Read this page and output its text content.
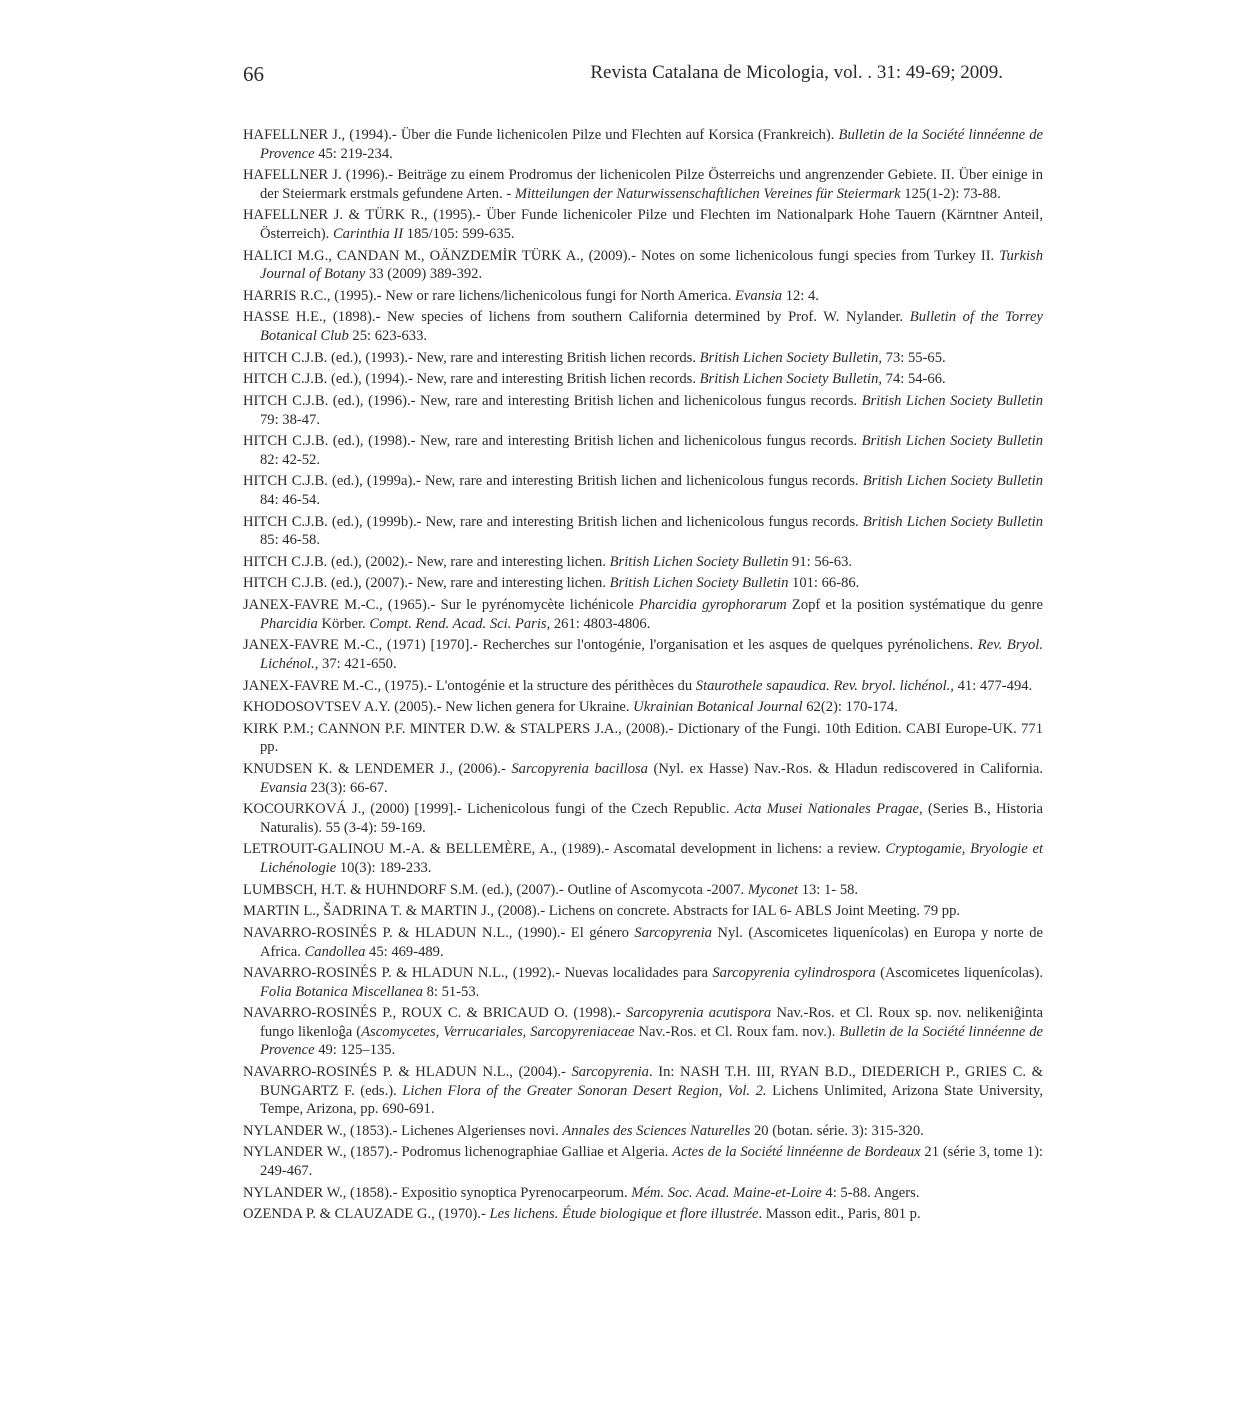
66	Revista Catalana de Micologia, vol. . 31: 49-69; 2009.

HAFELLNER J., (1994).- Über die Funde lichenicolen Pilze und Flechten auf Korsica (Frankreich). Bulletin de la Société linnéenne de Provence 45: 219-234.

HAFELLNER J. (1996).- Beiträge zu einem Prodromus der lichenicolen Pilze Österreichs und angrenzender Gebiete. II. Über einige in der Steiermark erstmals gefundene Arten. - Mitteilungen der Naturwissenschaftlichen Vereines für Steiermark 125(1-2): 73-88.

HAFELLNER J. & TÜRK R., (1995).- Über Funde lichenicoler Pilze und Flechten im Nationalpark Hohe Tauern (Kärntner Anteil, Österreich). Carinthia II 185/105: 599-635.

HALICI M.G., CANDAN M., OÄNZDEMİR TÜRK A., (2009).- Notes on some lichenicolous fungi species from Turkey II. Turkish Journal of Botany 33 (2009) 389-392.

HARRIS R.C., (1995).- New or rare lichens/lichenicolous fungi for North America. Evansia 12: 4.

HASSE H.E., (1898).- New species of lichens from southern California determined by Prof. W. Nylander. Bulletin of the Torrey Botanical Club 25: 623-633.

HITCH C.J.B. (ed.), (1993).- New, rare and interesting British lichen records. British Lichen Society Bulletin, 73: 55-65.

HITCH C.J.B. (ed.), (1994).- New, rare and interesting British lichen records. British Lichen Society Bulletin, 74: 54-66.

HITCH C.J.B. (ed.), (1996).- New, rare and interesting British lichen and lichenicolous fungus records. British Lichen Society Bulletin 79: 38-47.

HITCH C.J.B. (ed.), (1998).- New, rare and interesting British lichen and lichenicolous fungus records. British Lichen Society Bulletin 82: 42-52.

HITCH C.J.B. (ed.), (1999a).- New, rare and interesting British lichen and lichenicolous fungus records. British Lichen Society Bulletin 84: 46-54.

HITCH C.J.B. (ed.), (1999b).- New, rare and interesting British lichen and lichenicolous fungus records. British Lichen Society Bulletin 85: 46-58.

HITCH C.J.B. (ed.), (2002).- New, rare and interesting lichen. British Lichen Society Bulletin 91: 56-63.

HITCH C.J.B. (ed.), (2007).- New, rare and interesting lichen. British Lichen Society Bulletin 101: 66-86.

JANEX-FAVRE M.-C., (1965).- Sur le pyrénomycète lichénicole Pharcidia gyrophorarum Zopf et la position systématique du genre Pharcidia Körber. Compt. Rend. Acad. Sci. Paris, 261: 4803-4806.

JANEX-FAVRE M.-C., (1971) [1970].- Recherches sur l'ontogénie, l'organisation et les asques de quelques pyrénolichens. Rev. Bryol. Lichénol., 37: 421-650.

JANEX-FAVRE M.-C., (1975).- L'ontogénie et la structure des périthèces du Staurothele sapaudica. Rev. bryol. lichénol., 41: 477-494.

KHODOSOVTSEV A.Y. (2005).- New lichen genera for Ukraine. Ukrainian Botanical Journal 62(2): 170-174.

KIRK P.M.; CANNON P.F. MINTER D.W. & STALPERS J.A., (2008).- Dictionary of the Fungi. 10th Edition. CABI Europe-UK. 771 pp.

KNUDSEN K. & LENDEMER J., (2006).- Sarcopyrenia bacillosa (Nyl. ex Hasse) Nav.-Ros. & Hladun rediscovered in California. Evansia 23(3): 66-67.

KOCOURKOVÁ J., (2000) [1999].- Lichenicolous fungi of the Czech Republic. Acta Musei Nationales Pragae, (Series B., Historia Naturalis). 55 (3-4): 59-169.

LETROUIT-GALINOU M.-A. & BELLEMÈRE, A., (1989).- Ascomatal development in lichens: a review. Cryptogamie, Bryologie et Lichénologie 10(3): 189-233.

LUMBSCH, H.T. & HUHNDORF S.M. (ed.), (2007).- Outline of Ascomycota -2007. Myconet 13: 1- 58.

MARTIN L., ŠADRINA T. & MARTIN J., (2008).- Lichens on concrete. Abstracts for IAL 6- ABLS Joint Meeting. 79 pp.

NAVARRO-ROSINÉS P. & HLADUN N.L., (1990).- El género Sarcopyrenia Nyl. (Ascomicetes liquenícolas) en Europa y norte de Africa. Candollea 45: 469-489.

NAVARRO-ROSINÉS P. & HLADUN N.L., (1992).- Nuevas localidades para Sarcopyrenia cylindrospora (Ascomicetes liquenícolas). Folia Botanica Miscellanea 8: 51-53.

NAVARRO-ROSINÉS P., ROUX C. & BRICAUD O. (1998).- Sarcopyrenia acutispora Nav.-Ros. et Cl. Roux sp. nov. nelikeniĝinta fungo likenloĝa (Ascomycetes, Verrucariales, Sarcopyreniaceae Nav.-Ros. et Cl. Roux fam. nov.). Bulletin de la Société linnéenne de Provence 49: 125–135.

NAVARRO-ROSINÉS P. & HLADUN N.L., (2004).- Sarcopyrenia. In: NASH T.H. III, RYAN B.D., DIEDERICH P., GRIES C. & BUNGARTZ F. (eds.). Lichen Flora of the Greater Sonoran Desert Region, Vol. 2. Lichens Unlimited, Arizona State University, Tempe, Arizona, pp. 690-691.

NYLANDER W., (1853).- Lichenes Algerienses novi. Annales des Sciences Naturelles 20 (botan. série. 3): 315-320.

NYLANDER W., (1857).- Podromus lichenographiae Galliae et Algeria. Actes de la Société linnéenne de Bordeaux 21 (série 3, tome 1): 249-467.

NYLANDER W., (1858).- Expositio synoptica Pyrenocarpeorum. Mém. Soc. Acad. Maine-et-Loire 4: 5-88. Angers.

OZENDA P. & CLAUZADE G., (1970).- Les lichens. Étude biologique et flore illustrée. Masson edit., Paris, 801 p.
